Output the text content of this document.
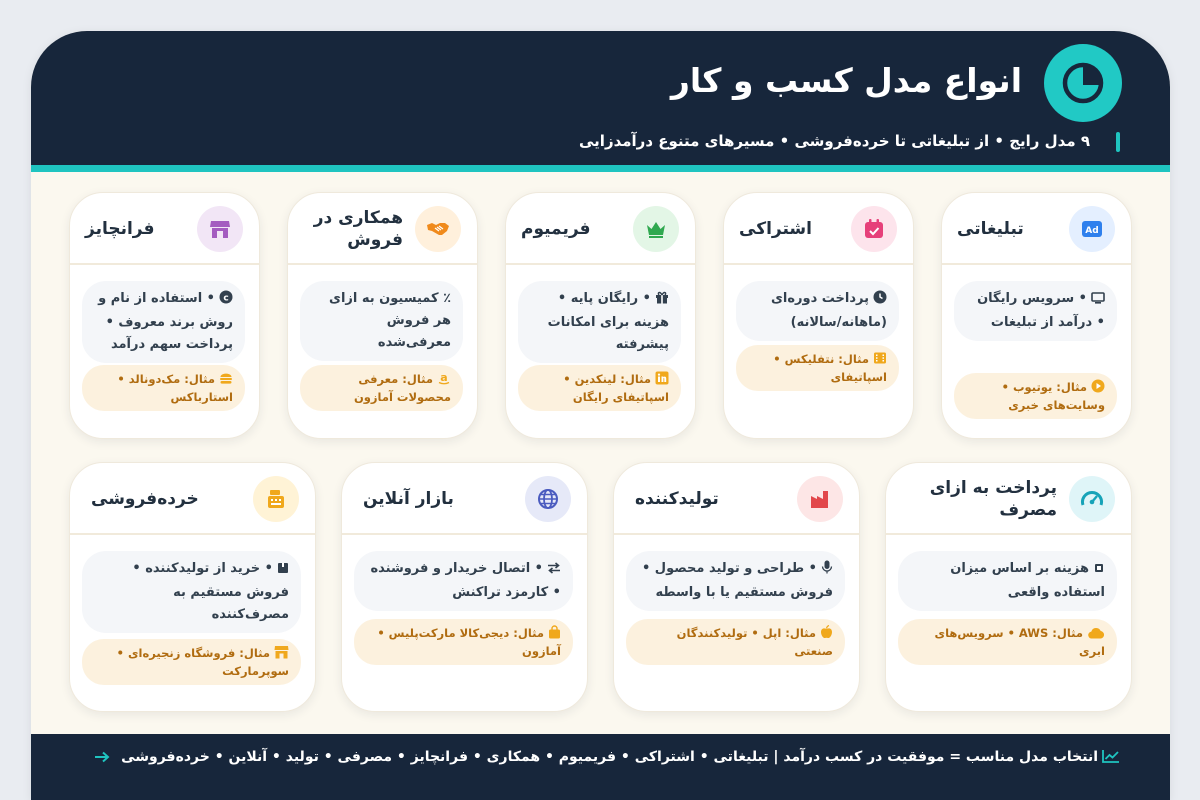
انواع مدل کسب و کار
۹ مدل رایج • از تبلیغاتی تا خرده‌فروشی • مسیرهای متنوع درآمدزایی
Ad
تبلیغاتی
• سرویس رایگان • درآمد از تبلیغات
مثال: یوتیوب • وسایت‌های خبری
اشتراکی
پرداخت دوره‌ای (ماهانه/سالانه)
مثال: نتفلیکس • اسپاتیفای
فریمیوم
• رایگان پایه • هزینه برای امکانات پیشرفته
مثال: لینکدین • اسپاتیفای رایگان
همکاری در فروش
٪ کمیسیون به ازای هر فروش معرفی‌شده
a
مثال: معرفی محصولات آمازون
فرانچایز
c
• استفاده از نام و روش برند معروف • پرداخت سهم درآمد
مثال: مک‌دونالد • استارباکس
پرداخت به ازای مصرف
هزینه بر اساس میزان استفاده واقعی
مثال: AWS • سرویس‌های ابری
تولیدکننده
• طراحی و تولید محصول • فروش مستقیم یا با واسطه
مثال: اپل • تولیدکنندگان صنعتی
بازار آنلاین
• اتصال خریدار و فروشنده • کارمزد تراکنش
مثال: دیجی‌کالا مارکت‌پلیس • آمازون
خرده‌فروشی
• خرید از تولیدکننده • فروش مستقیم به مصرف‌کننده
مثال: فروشگاه زنجیره‌ای • سوپرمارکت
انتخاب مدل مناسب = موفقیت در کسب درآمد | تبلیغاتی • اشتراکی • فریمیوم • همکاری • فرانچایز • مصرفی • تولید • آنلاین • خرده‌فروشی
